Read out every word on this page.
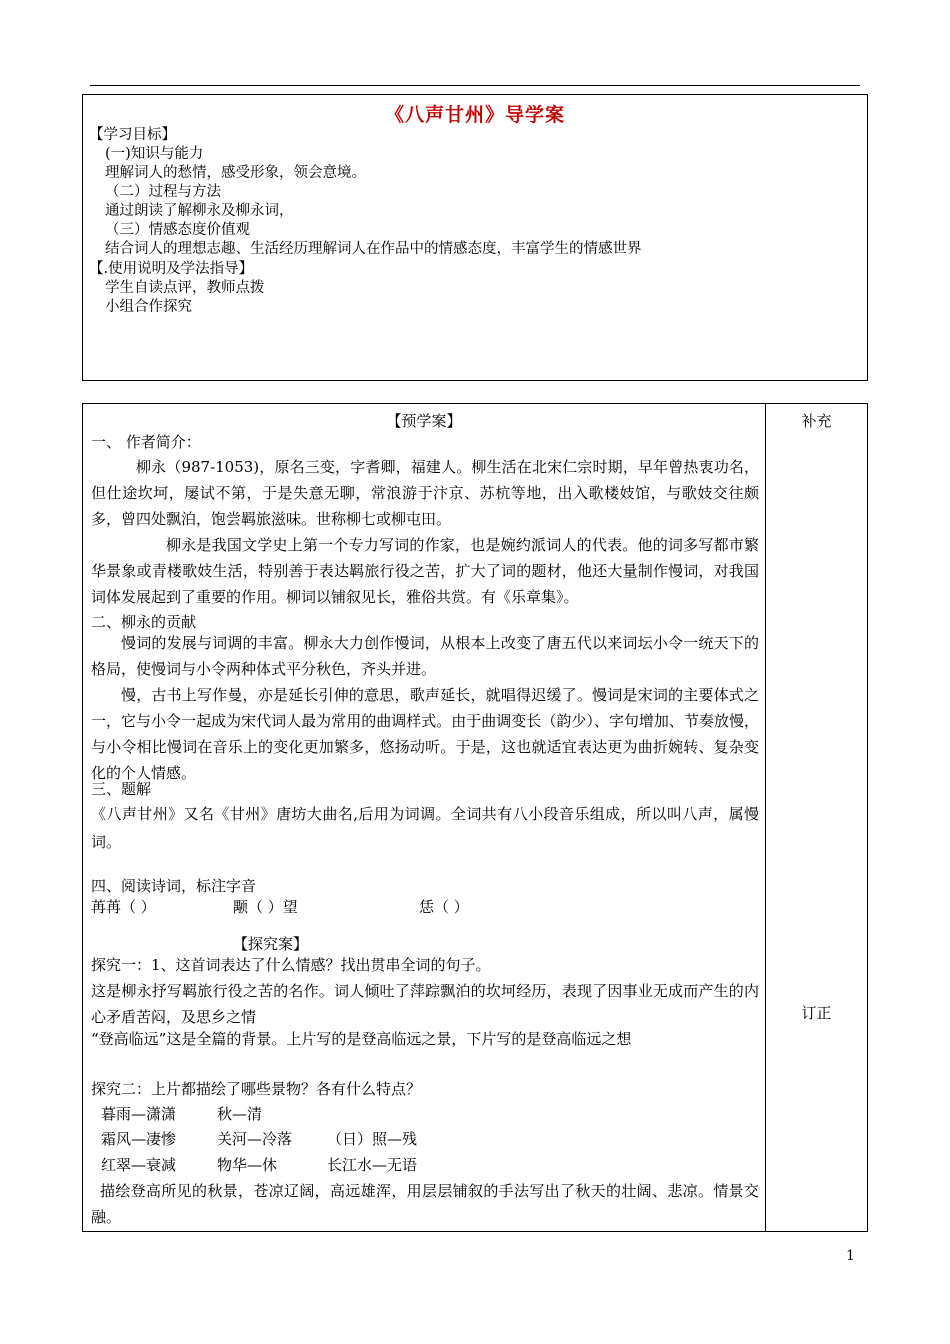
《八声甘州》导学案
【学习目标】
(一)知识与能力
理解词人的愁情，感受形象，领会意境。
（二）过程与方法
通过朗读了解柳永及柳永词，
（三）情感态度价值观
结合词人的理想志趣、生活经历理解词人在作品中的情感态度，丰富学生的情感世界
【.使用说明及学法指导】
学生自读点评，教师点拨
小组合作探究
补充
订正
【预学案】
一、 作者简介：
柳永（987-1053)，原名三变，字耆卿，福建人。柳生活在北宋仁宗时期，早年曾热衷功名，但仕途坎坷，屡试不第，于是失意无聊，常浪游于汴京、苏杭等地，出入歌楼妓馆，与歌妓交往颇多，曾四处飘泊，饱尝羁旅滋味。世称柳七或柳屯田。
柳永是我国文学史上第一个专力写词的作家，也是婉约派词人的代表。他的词多写都市繁华景象或青楼歌妓生活，特别善于表达羁旅行役之苦，扩大了词的题材，他还大量制作慢词，对我国词体发展起到了重要的作用。柳词以铺叙见长，雅俗共赏。有《乐章集》。
二、柳永的贡献
慢词的发展与词调的丰富。柳永大力创作慢词，从根本上改变了唐五代以来词坛小令一统天下的格局，使慢词与小令两种体式平分秋色，齐头并进。
慢，古书上写作曼，亦是延长引伸的意思，歌声延长，就唱得迟缓了。慢词是宋词的主要体式之一，它与小令一起成为宋代词人最为常用的曲调样式。由于曲调变长（韵少）、字句增加、节奏放慢，与小令相比慢词在音乐上的变化更加繁多，悠扬动听。于是，这也就适宜表达更为曲折婉转、复杂变化的个人情感。
三、题解
《八声甘州》又名《甘州》唐坊大曲名,后用为词调。全词共有八小段音乐组成，所以叫八声，属慢词。
四、阅读诗词，标注字音
苒苒（ ）	颙（ ）望	恁（ ）
【探究案】
探究一：1、这首词表达了什么情感？找出贯串全词的句子。
这是柳永抒写羁旅行役之苦的名作。词人倾吐了萍踪飘泊的坎坷经历，表现了因事业无成而产生的内心矛盾苦闷，及思乡之情
“登高临远”这是全篇的背景。上片写的是登高临远之景，下片写的是登高临远之想
探究二：上片都描绘了哪些景物？各有什么特点？
暮雨—潇潇	秋—清
霜风—凄惨	关河—冷落 （日）照—残
红翠—衰减	物华—休	长江水—无语
描绘登高所见的秋景，苍凉辽阔，高远雄浑，用层层铺叙的手法写出了秋天的壮阔、悲凉。情景交融。
1
